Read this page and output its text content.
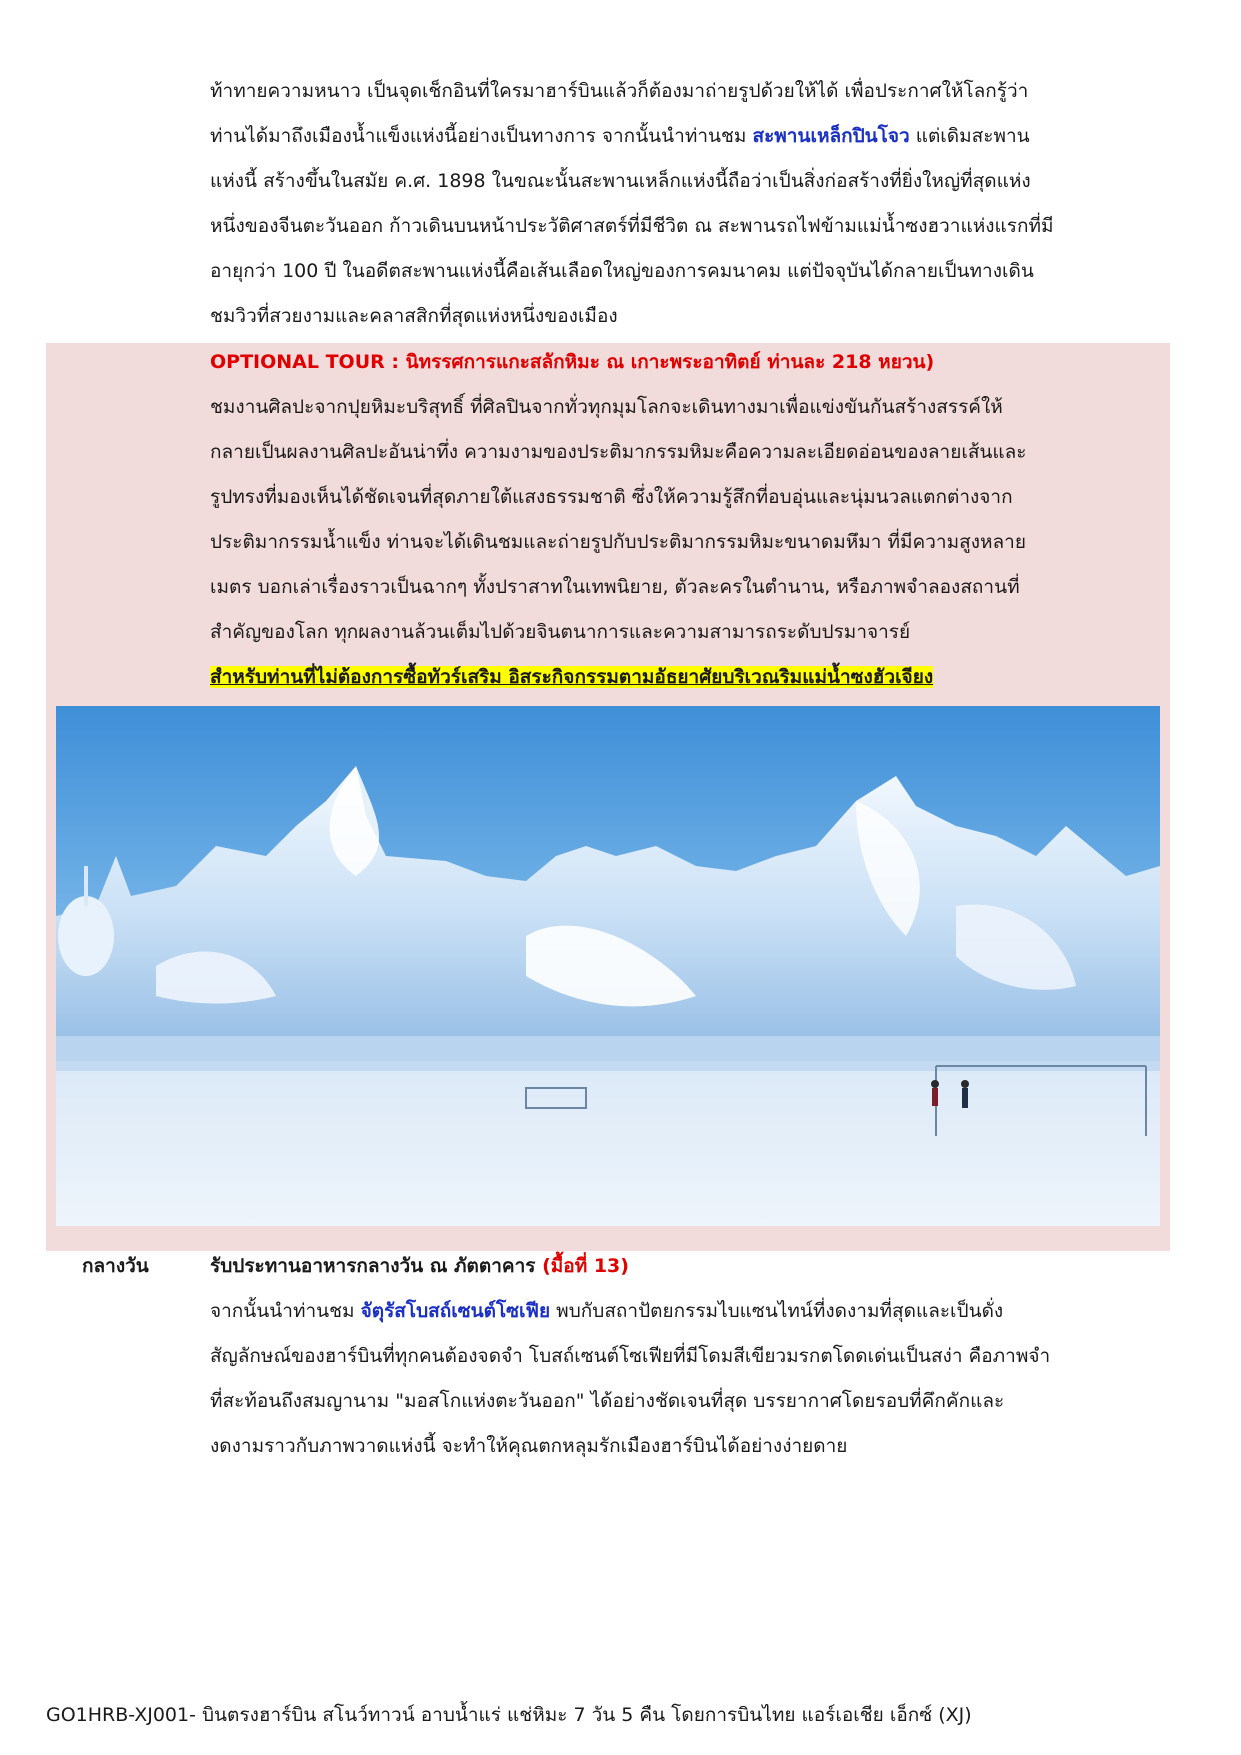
ท้าทายความหนาว เป็นจุดเช็กอินที่ใครมาฮาร์บินแล้วก็ต้องมาถ่ายรูปด้วยให้ได้ เพื่อประกาศให้โลกรู้ว่า

ท่านได้มาถึงเมืองน้ำแข็งแห่งนี้อย่างเป็นทางการ จากนั้นนำท่านชม สะพานเหล็กปินโจว แต่เดิมสะพาน

แห่งนี้ สร้างขึ้นในสมัย ค.ศ. 1898 ในขณะนั้นสะพานเหล็กแห่งนี้ถือว่าเป็นสิ่งก่อสร้างที่ยิ่งใหญ่ที่สุดแห่ง

หนึ่งของจีนตะวันออก ก้าวเดินบนหน้าประวัติศาสตร์ที่มีชีวิต ณ สะพานรถไฟข้ามแม่น้ำซงฮวาแห่งแรกที่มี

อายุกว่า 100 ปี ในอดีตสะพานแห่งนี้คือเส้นเลือดใหญ่ของการคมนาคม แต่ปัจจุบันได้กลายเป็นทางเดิน

ชมวิวที่สวยงามและคลาสสิกที่สุดแห่งหนึ่งของเมือง

OPTIONAL TOUR : นิทรรศการแกะสลักหิมะ ณ เกาะพระอาทิตย์ ท่านละ 218 หยวน)

ชมงานศิลปะจากปุยหิมะบริสุทธิ์ ที่ศิลปินจากทั่วทุกมุมโลกจะเดินทางมาเพื่อแข่งขันกันสร้างสรรค์ให้

กลายเป็นผลงานศิลปะอันน่าทึ่ง ความงามของประติมากรรมหิมะคือความละเอียดอ่อนของลายเส้นและ

รูปทรงที่มองเห็นได้ชัดเจนที่สุดภายใต้แสงธรรมชาติ ซึ่งให้ความรู้สึกที่อบอุ่นและนุ่มนวลแตกต่างจาก

ประติมากรรมน้ำแข็ง ท่านจะได้เดินชมและถ่ายรูปกับประติมากรรมหิมะขนาดมหึมา ที่มีความสูงหลาย

เมตร บอกเล่าเรื่องราวเป็นฉากๆ ทั้งปราสาทในเทพนิยาย, ตัวละครในตำนาน, หรือภาพจำลองสถานที่

สำคัญของโลก ทุกผลงานล้วนเต็มไปด้วยจินตนาการและความสามารถระดับปรมาจารย์

สำหรับท่านที่ไม่ต้องการซื้อทัวร์เสริม อิสระกิจกรรมตามอัธยาศัยบริเวณริมแม่น้ำซงฮัวเจียง

กลางวัน	รับประทานอาหารกลางวัน ณ ภัตตาคาร (มื้อที่ 13)

จากนั้นนำท่านชม จัตุรัสโบสถ์เซนต์โซเฟีย พบกับสถาปัตยกรรมไบแซนไทน์ที่งดงามที่สุดและเป็นดั่ง

สัญลักษณ์ของฮาร์บินที่ทุกคนต้องจดจำ โบสถ์เซนต์โซเฟียที่มีโดมสีเขียวมรกตโดดเด่นเป็นสง่า คือภาพจำ

ที่สะท้อนถึงสมญานาม "มอสโกแห่งตะวันออก" ได้อย่างชัดเจนที่สุด บรรยากาศโดยรอบที่คึกคักและ

งดงามราวกับภาพวาดแห่งนี้ จะทำให้คุณตกหลุมรักเมืองฮาร์บินได้อย่างง่ายดาย

GO1HRB-XJ001- บินตรงฮาร์บิน สโนว์ทาวน์ อาบน้ำแร่ แช่หิมะ 7 วัน 5 คืน โดยการบินไทย แอร์เอเชีย เอ็กซ์ (XJ)
